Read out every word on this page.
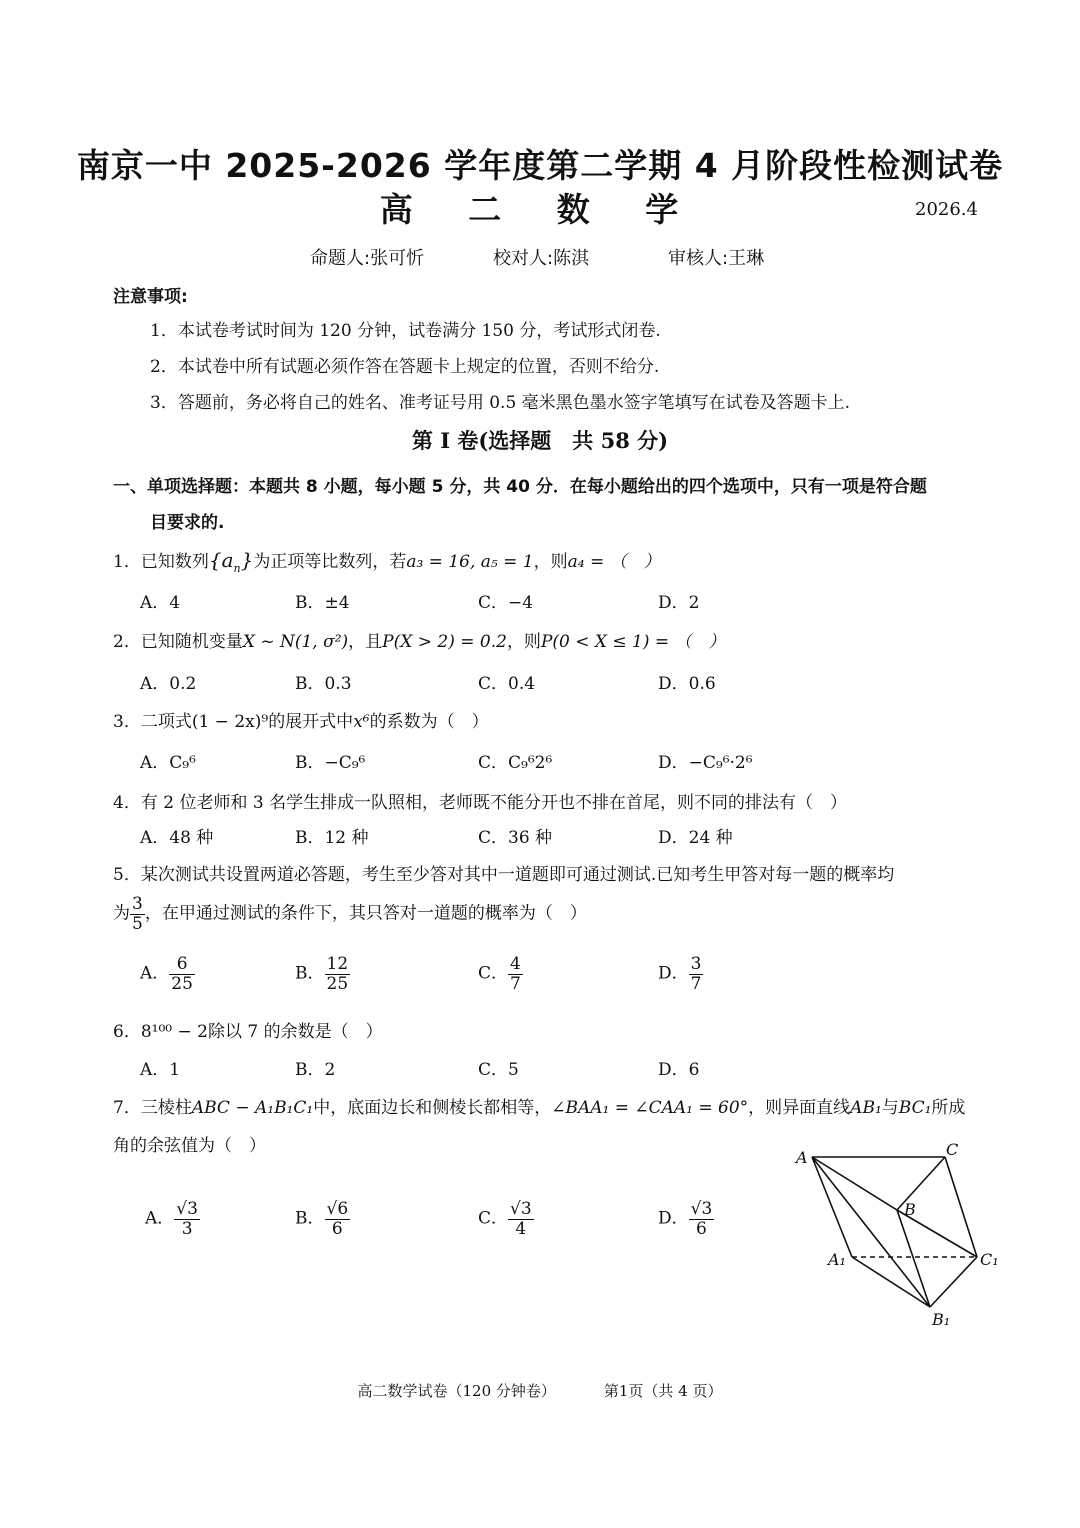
南京一中 2025-2026 学年度第二学期 4 月阶段性检测试卷
高 二 数 学	2026.4
命题人:张可忻	校对人:陈淇	审核人:王琳
注意事项:
1．本试卷考试时间为 120 分钟，试卷满分 150 分，考试形式闭卷.
2．本试卷中所有试题必须作答在答题卡上规定的位置，否则不给分.
3．答题前，务必将自己的姓名、准考证号用 0.5 毫米黑色墨水签字笔填写在试卷及答题卡上.
第 Ⅰ 卷(选择题　共 58 分)
一、单项选择题：本题共 8 小题，每小题 5 分，共 40 分．在每小题给出的四个选项中，只有一项是符合题
目要求的.
1．已知数列$\{a_n\}$为正项等比数列，若a₃ = 16, a₅ = 1，则a₄ = （　）
A．4	B．±4	C．−4	D．2
2．已知随机变量X ~ N(1, σ²)，且P(X > 2) = 0.2，则P(0 < X ≤ 1) = （　）
A．0.2	B．0.3	C．0.4	D．0.6
3．二项式(1 − 2x)⁹的展开式中x⁶的系数为（　）
A．C₉⁶	B．−C₉⁶	C．C₉⁶2⁶	D．−C₉⁶·2⁶
4．有 2 位老师和 3 名学生排成一队照相，老师既不能分开也不排在首尾，则不同的排法有（　）
A．48 种	B．12 种	C．36 种	D．24 种
5．某次测试共设置两道必答题，考生至少答对其中一道题即可通过测试.已知考生甲答对每一题的概率均
为 $\frac{3}{5}$ ，在甲通过测试的条件下，其只答对一道题的概率为（　）
A． $\frac{6}{25}$	B． $\frac{12}{25}$	C． $\frac{4}{7}$	D． $\frac{3}{7}$
6．8¹⁰⁰ − 2除以 7 的余数是（　）
A．1	B．2	C．5	D．6
7．三棱柱ABC − A₁B₁C₁中，底面边长和侧棱长都相等，∠BAA₁ = ∠CAA₁ = 60°，则异面直线AB₁与BC₁所成
角的余弦值为（　）
A． $\frac{√3}{3}$	B． $\frac{√6}{6}$	C． $\frac{√3}{4}$	D． $\frac{√3}{6}$
A	C
B
A₁	C₁
B₁
高二数学试卷（120 分钟卷）	第1页（共 4 页）
